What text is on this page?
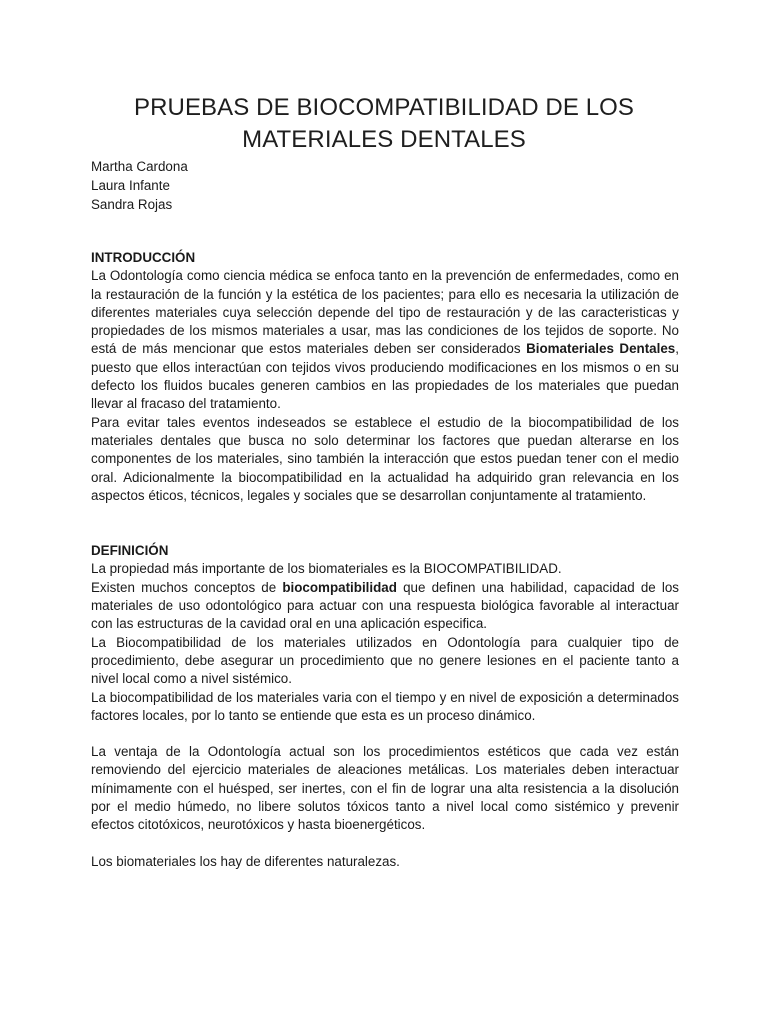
PRUEBAS DE BIOCOMPATIBILIDAD DE LOS
MATERIALES DENTALES
Martha Cardona
Laura Infante
Sandra Rojas

INTRODUCCIÓN

La Odontología como ciencia médica se enfoca tanto en la prevención de enfermedades, como en la restauración de la función y la estética de los pacientes; para ello es necesaria la utilización de diferentes materiales cuya selección depende del tipo de restauración y de las caracteristicas y propiedades de los mismos materiales a usar, mas las condiciones de los tejidos de soporte. No está de más mencionar que estos materiales deben ser considerados Biomateriales Dentales, puesto que ellos interactúan con tejidos vivos produciendo modificaciones en los mismos o en su defecto los fluidos bucales generen cambios en las propiedades de los materiales que puedan llevar al fracaso del tratamiento.

Para evitar tales eventos indeseados se establece el estudio de la biocompatibilidad de los materiales dentales que busca no solo determinar los factores que puedan alterarse en los componentes de los materiales, sino también la interacción que estos puedan tener con el medio oral. Adicionalmente la biocompatibilidad en la actualidad ha adquirido gran relevancia en los aspectos éticos, técnicos, legales y sociales que se desarrollan conjuntamente al tratamiento.

DEFINICIÓN

La propiedad más importante de los biomateriales es la BIOCOMPATIBILIDAD.

Existen muchos conceptos de biocompatibilidad que definen una habilidad, capacidad de los materiales de uso odontológico para actuar con una respuesta biológica favorable al interactuar con las estructuras de la cavidad oral en una aplicación especifica.

La Biocompatibilidad de los materiales utilizados en Odontología para cualquier tipo de procedimiento, debe asegurar un procedimiento que no genere lesiones en el paciente tanto a nivel local como a nivel sistémico.

La biocompatibilidad de los materiales varia con el tiempo y en nivel de exposición a determinados factores locales, por lo tanto se entiende que esta es un proceso dinámico.

La ventaja de la Odontología actual son los procedimientos estéticos que cada vez están removiendo del ejercicio materiales de aleaciones metálicas. Los materiales deben interactuar mínimamente con el huésped, ser inertes, con el fin de lograr una alta resistencia a la disolución por el medio húmedo, no libere solutos tóxicos tanto a nivel local como sistémico y prevenir efectos citotóxicos, neurotóxicos y hasta bioenergéticos.

Los biomateriales los hay de diferentes naturalezas.
